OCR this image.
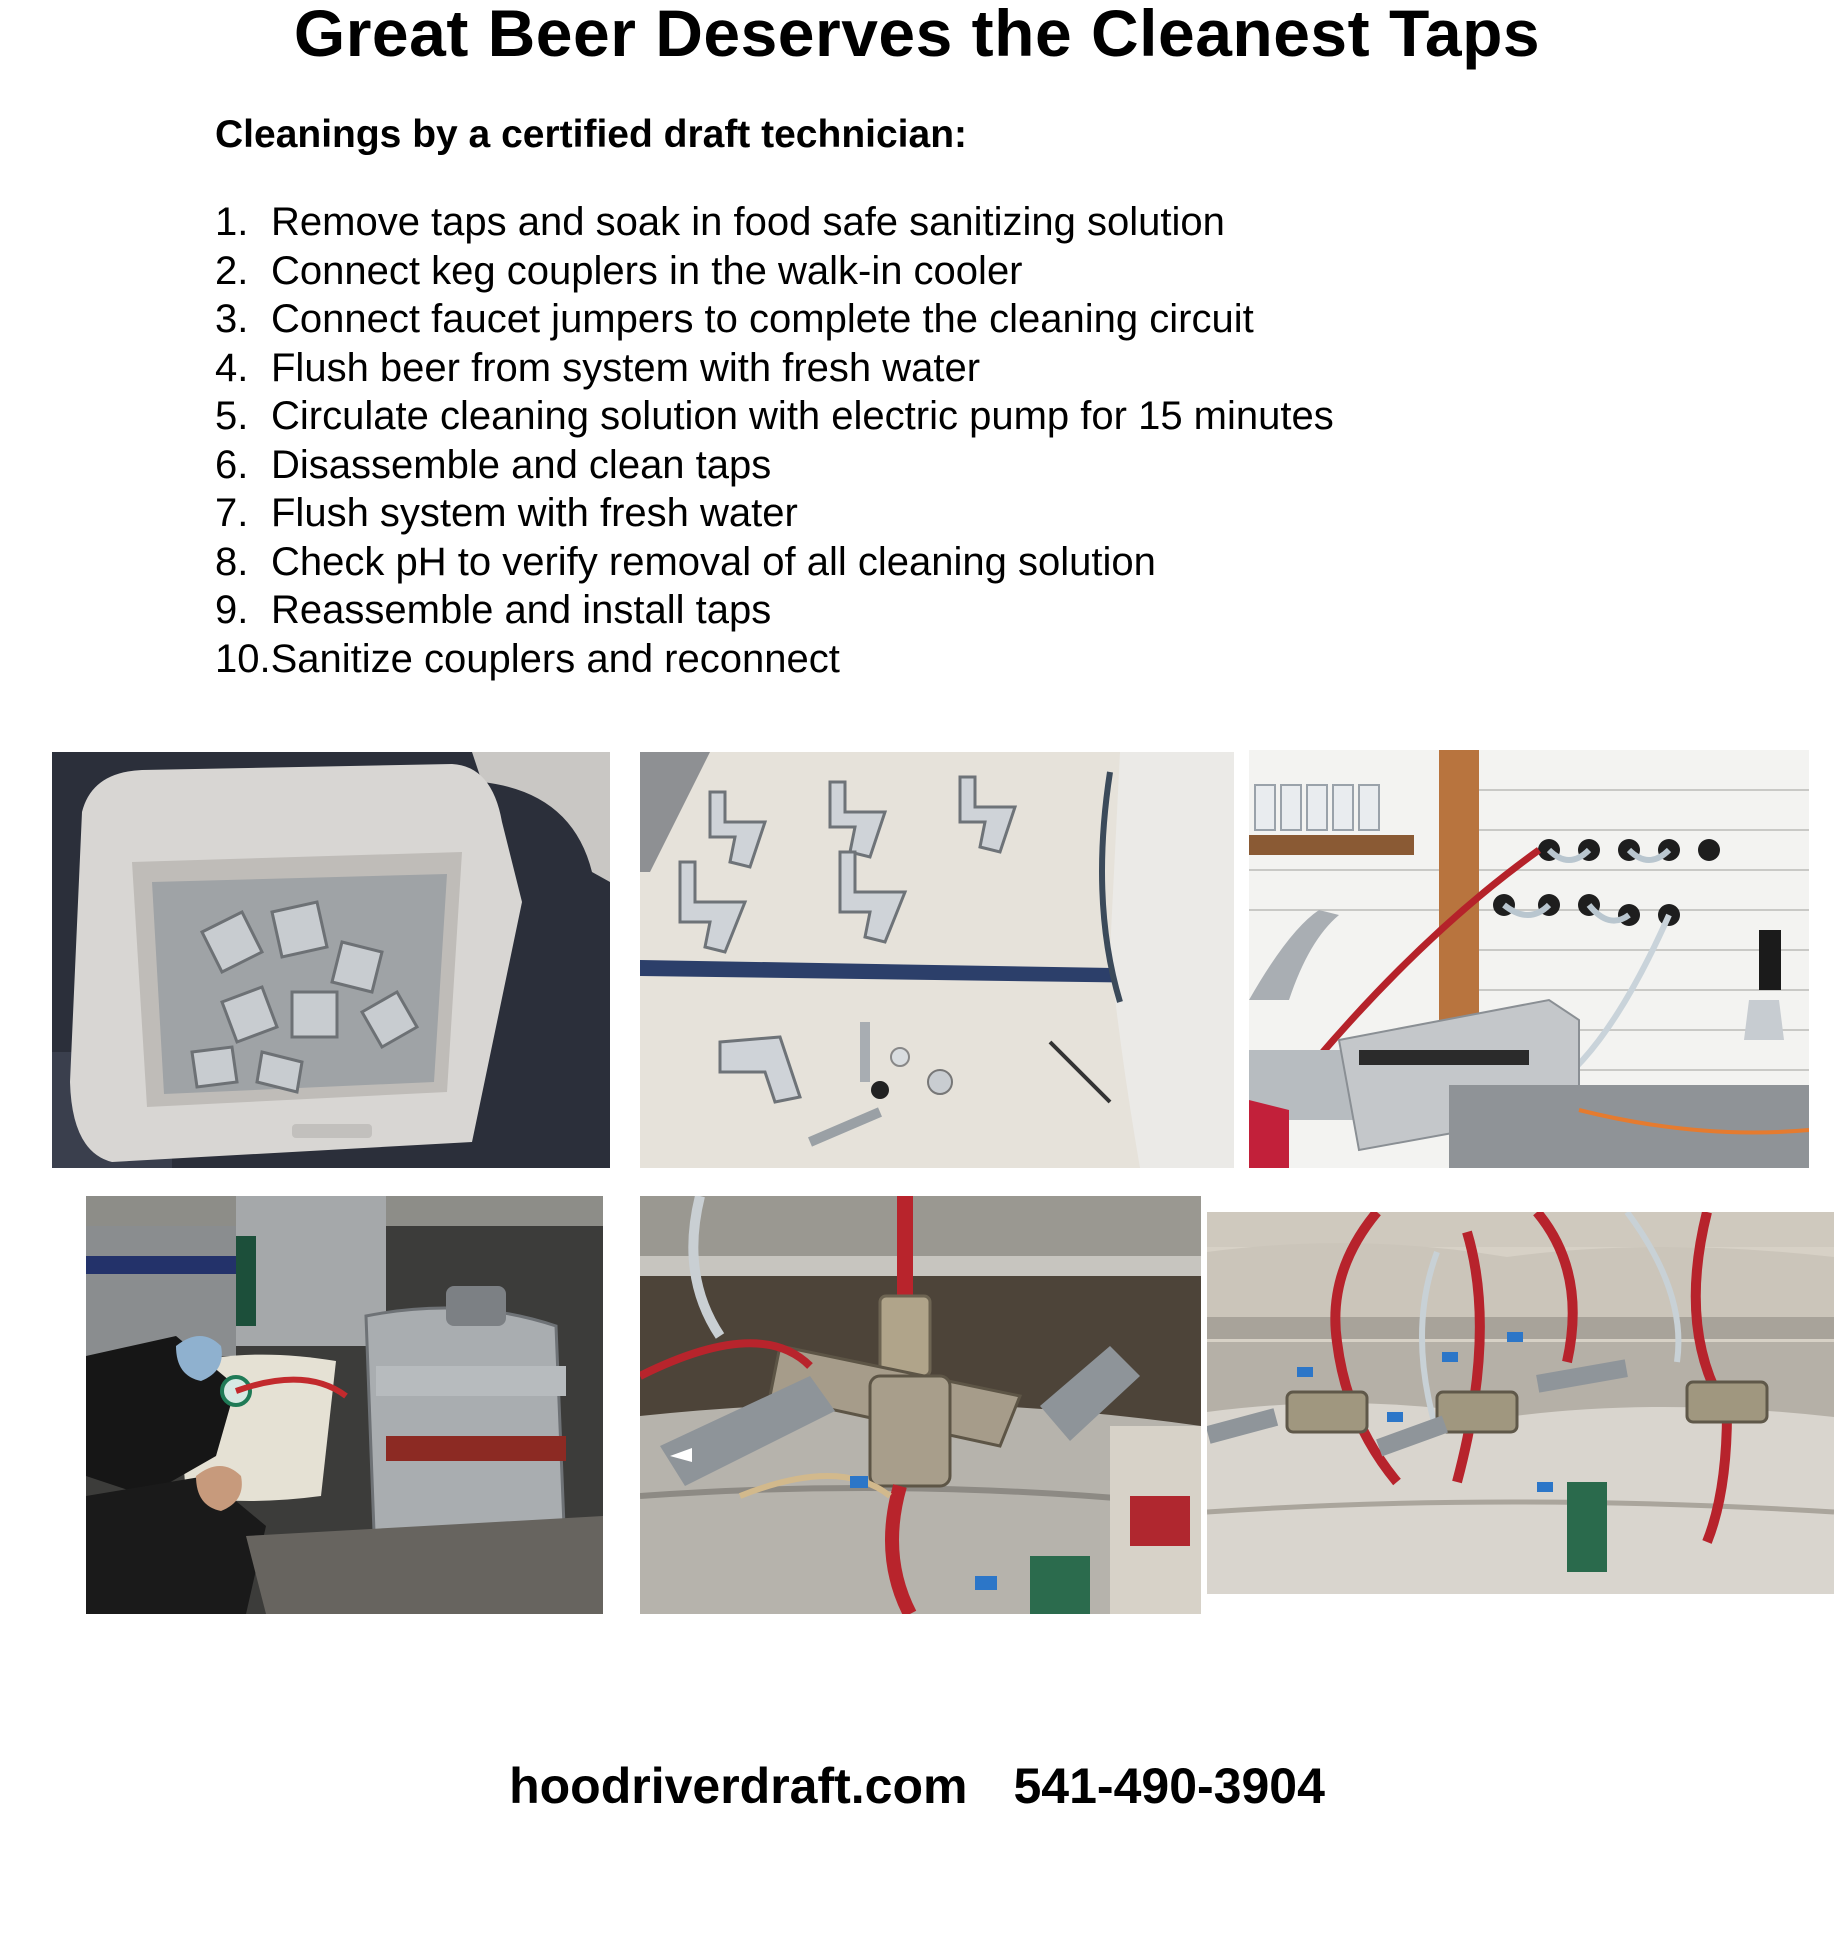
Great Beer Deserves the Cleanest Taps
Cleanings by a certified draft technician:
1. Remove taps and soak in food safe sanitizing solution
2. Connect keg couplers in the walk-in cooler
3. Connect faucet jumpers to complete the cleaning circuit
4. Flush beer from system with fresh water
5. Circulate cleaning solution with electric pump for 15 minutes
6. Disassemble and clean taps
7. Flush system with fresh water
8. Check pH to verify removal of all cleaning solution
9. Reassemble and install taps
10.Sanitize couplers and reconnect
hoodriverdraft.com 541-490-3904
